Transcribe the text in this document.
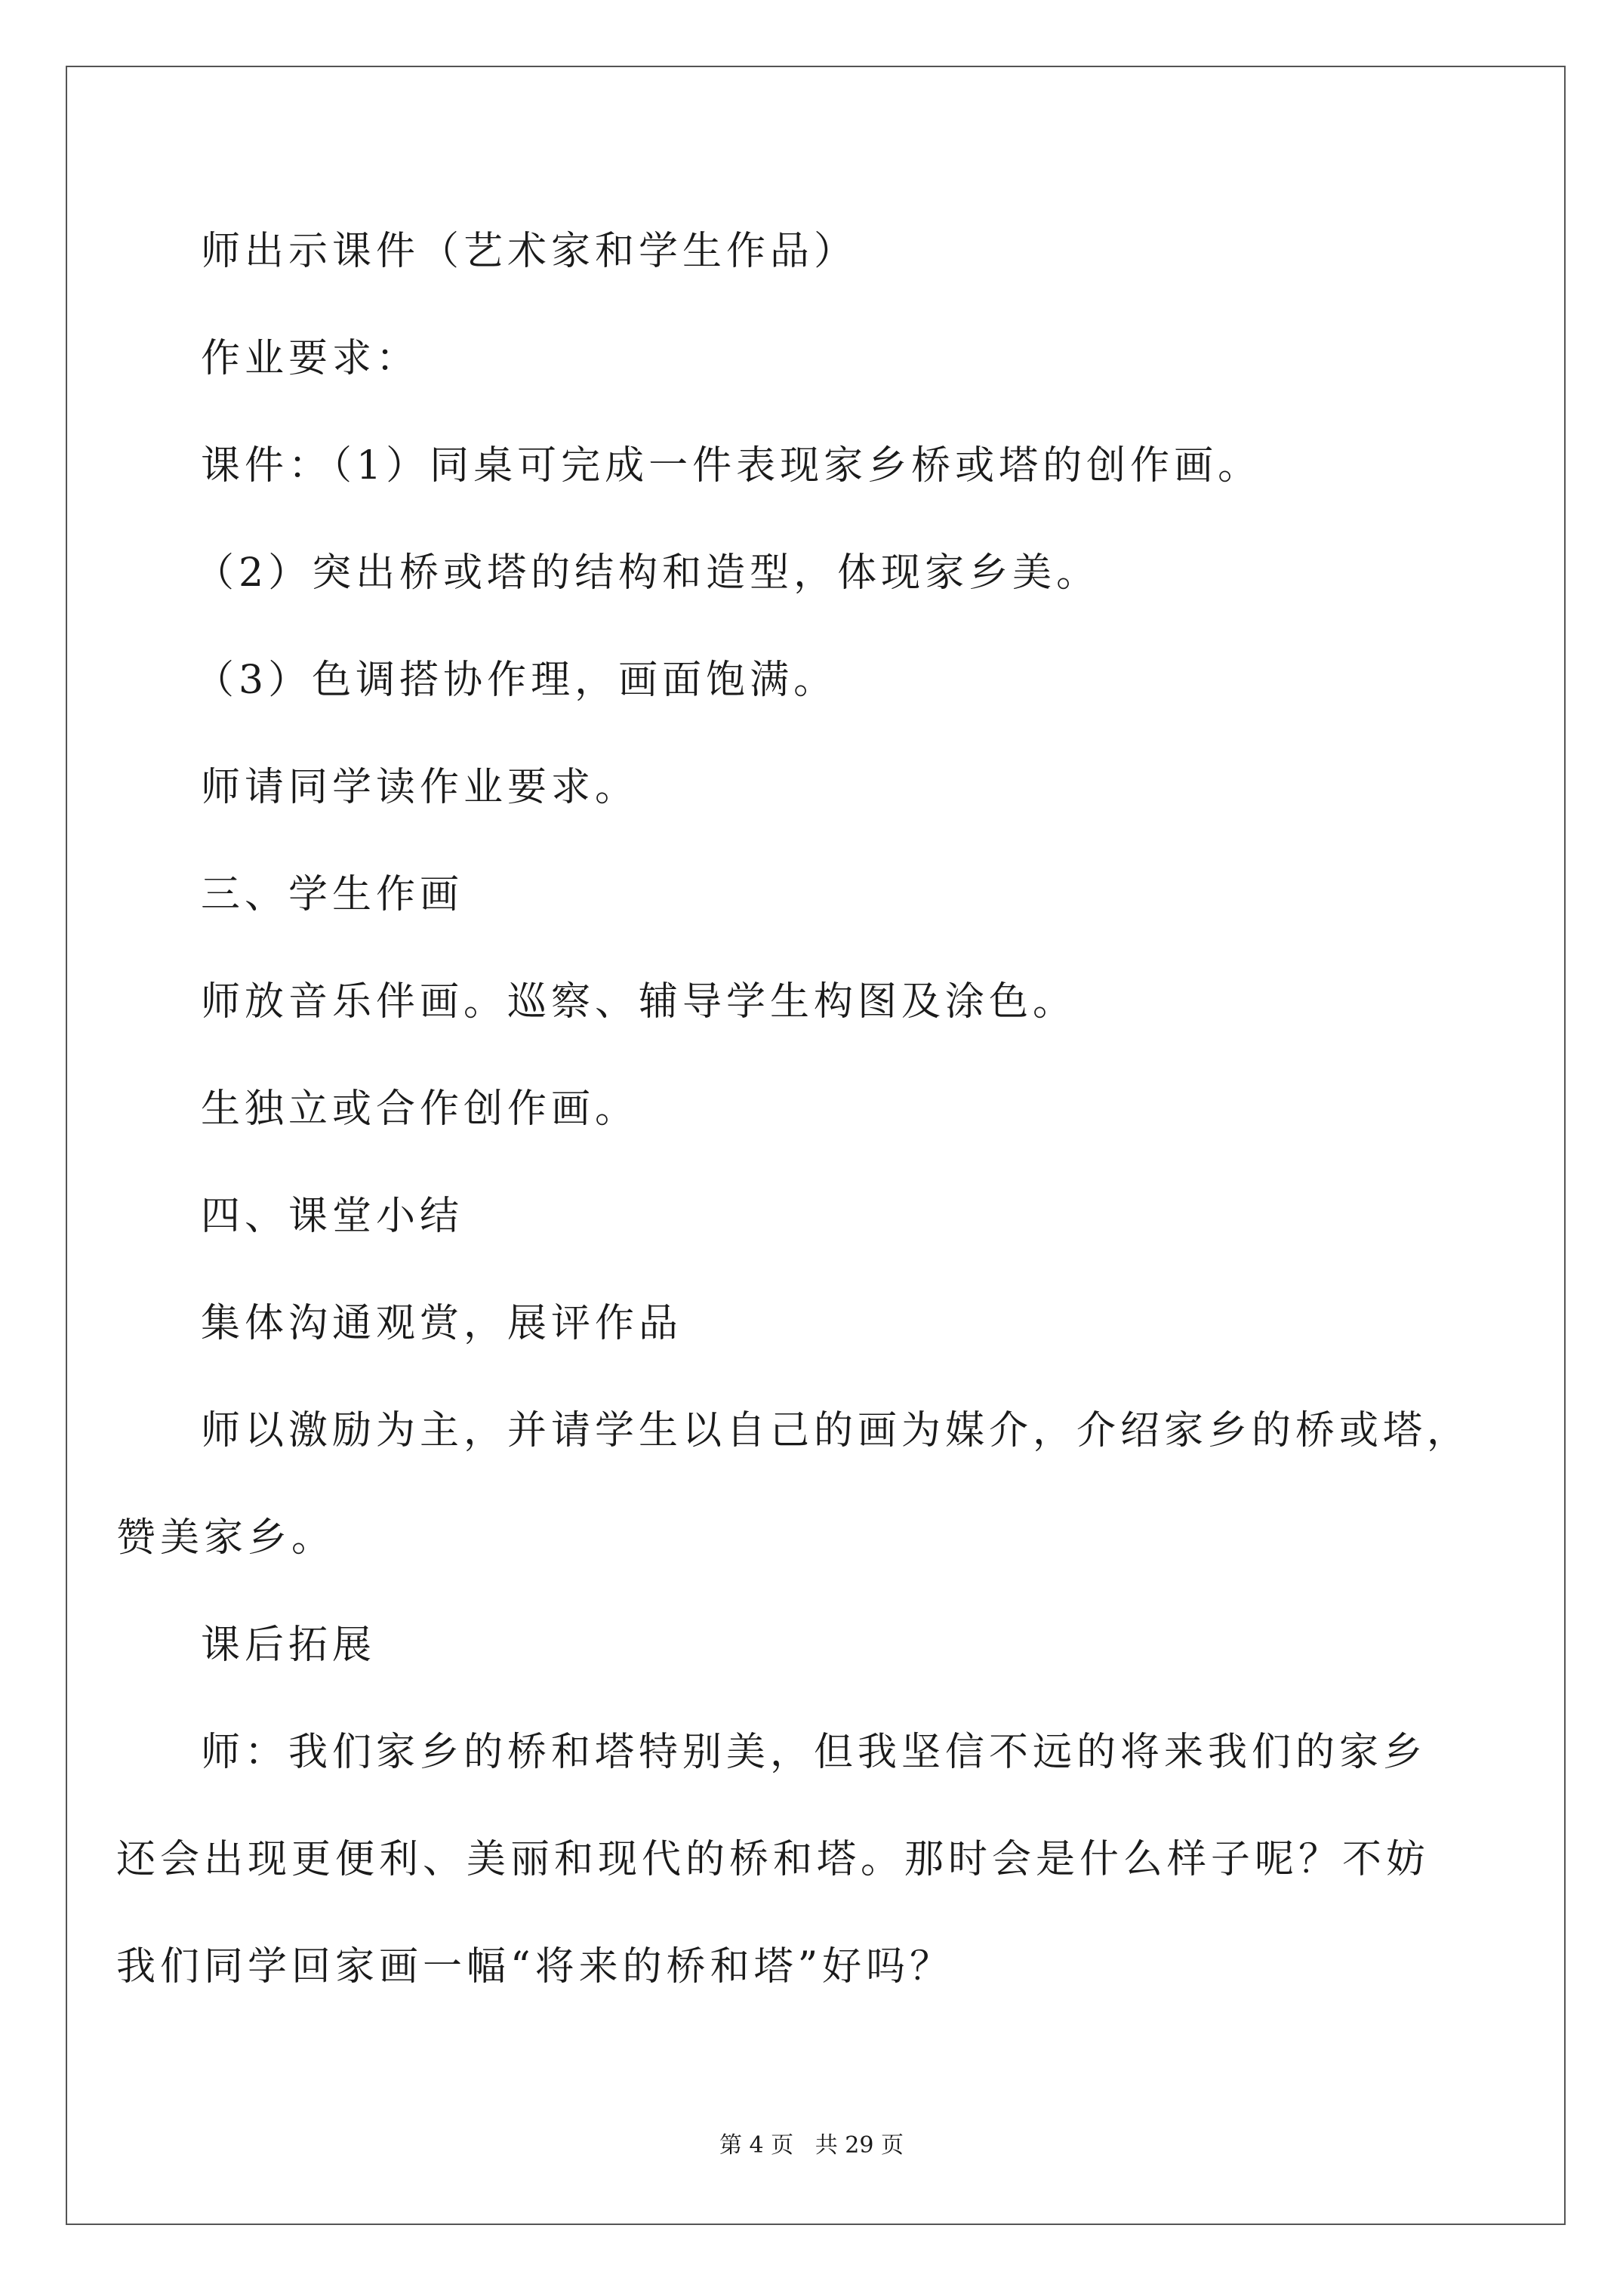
师出示课件（艺术家和学生作品）

作业要求：

课件：（1）同桌可完成一件表现家乡桥或塔的创作画。

（2）突出桥或塔的结构和造型，体现家乡美。

（3）色调搭协作理，画面饱满。

师请同学读作业要求。

三、学生作画

师放音乐伴画。巡察、辅导学生构图及涂色。

生独立或合作创作画。

四、课堂小结

集体沟通观赏，展评作品

师以激励为主，并请学生以自己的画为媒介，介绍家乡的桥或塔，

赞美家乡。

课后拓展

师：我们家乡的桥和塔特别美，但我坚信不远的将来我们的家乡

还会出现更便利、美丽和现代的桥和塔。那时会是什么样子呢？不妨

我们同学回家画一幅“将来的桥和塔”好吗？

第 4 页 共 29 页
